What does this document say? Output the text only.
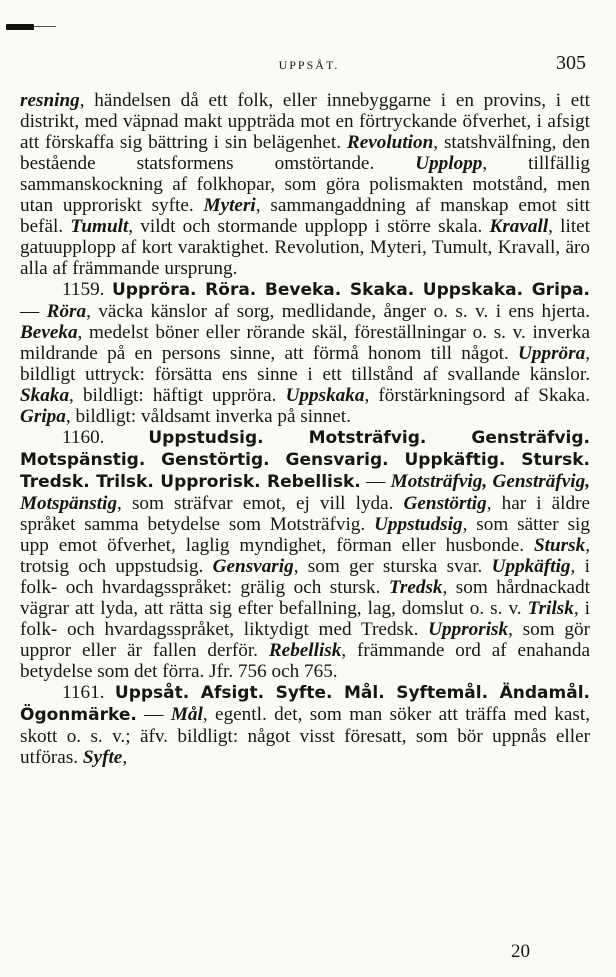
UPPSÅT.	305

resning, händelsen då ett folk, eller innebyggarne i en provins, i ett distrikt, med väpnad makt uppträda mot en förtryckande öfverhet, i afsigt att förskaffa sig bättring i sin belägenhet. Revolution, statshvälfning, den bestående statsformens omstörtande. Upplopp, tillfällig sammanskockning af folkhopar, som göra polismakten motstånd, men utan upproriskt syfte. Myteri, sammangaddning af manskap emot sitt befäl. Tumult, vildt och stormande upplopp i större skala. Kravall, litet gatuupplopp af kort varaktighet. Revolution, Myteri, Tumult, Kravall, äro alla af främmande ursprung.

1159. Uppröra. Röra. Beveka. Skaka. Uppskaka. Gripa. — Röra, väcka känslor af sorg, medlidande, ånger o. s. v. i ens hjerta. Beveka, medelst böner eller rörande skäl, föreställningar o. s. v. inverka mildrande på en persons sinne, att förmå honom till något. Uppröra, bildligt uttryck: försätta ens sinne i ett tillstånd af svallande känslor. Skaka, bildligt: häftigt uppröra. Uppskaka, förstärkningsord af Skaka. Gripa, bildligt: våldsamt inverka på sinnet.

1160. Uppstudsig. Motsträfvig. Gensträfvig. Motspänstig. Genstörtig. Gensvarig. Uppkäftig. Stursk. Tredsk. Trilsk. Upprorisk. Rebellisk. — Motsträfvig, Gensträfvig, Motspänstig, som sträfvar emot, ej vill lyda. Genstörtig, har i äldre språket samma betydelse som Motsträfvig. Uppstudsig, som sätter sig upp emot öfverhet, laglig myndighet, förman eller husbonde. Stursk, trotsig och uppstudsig. Gensvarig, som ger sturska svar. Uppkäftig, i folk- och hvardagsspråket: grälig och stursk. Tredsk, som hårdnackadt vägrar att lyda, att rätta sig efter befallning, lag, domslut o. s. v. Trilsk, i folk- och hvardagsspråket, liktydigt med Tredsk. Upprorisk, som gör uppror eller är fallen derför. Rebellisk, främmande ord af enahanda betydelse som det förra. Jfr. 756 och 765.

1161. Uppsåt. Afsigt. Syfte. Mål. Syftemål. Ändamål. Ögonmärke. — Mål, egentl. det, som man söker att träffa med kast, skott o. s. v.; äfv. bildligt: något visst föresatt, som bör uppnås eller utföras. Syfte,

20
